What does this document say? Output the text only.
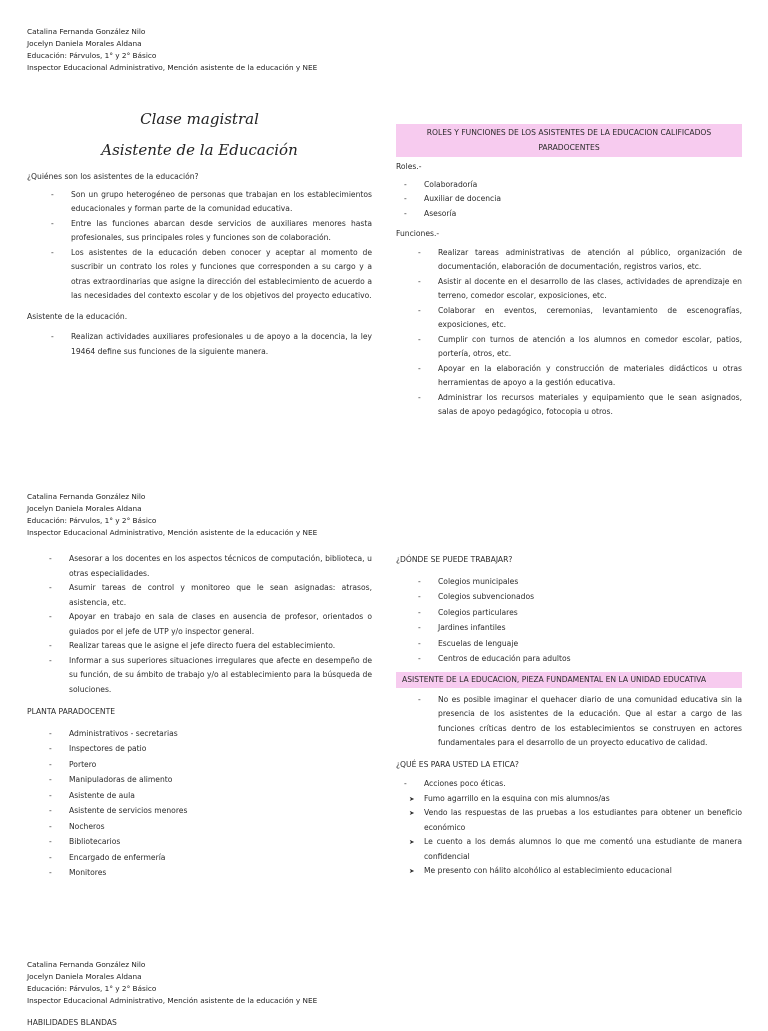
Catalina Fernanda González Nilo
Jocelyn Daniela Morales Aldana
Educación: Párvulos, 1° y 2° Básico
Inspector Educacional Administrativo, Mención asistente de la educación y NEE
Clase magistral
Asistente de la Educación

¿Quiénes son los asistentes de la educación?

- Son un grupo heterogéneo de personas que trabajan en los establecimientos educacionales y forman parte de la comunidad educativa.
- Entre las funciones abarcan desde servicios de auxiliares menores hasta profesionales, sus principales roles y funciones son de colaboración.
- Los asistentes de la educación deben conocer y aceptar al momento de suscribir un contrato los roles y funciones que corresponden a su cargo y a otras extraordinarias que asigne la dirección del establecimiento de acuerdo a las necesidades del contexto escolar y de los objetivos del proyecto educativo.

Asistente de la educación.

- Realizan actividades auxiliares profesionales u de apoyo a la docencia, la ley 19464 define sus funciones de la siguiente manera.
ROLES Y FUNCIONES DE LOS ASISTENTES DE LA EDUCACION CALIFICADOS PARADOCENTES

Roles.-

- Colaboradoría
- Auxiliar de docencia
- Asesoría

Funciones.-

- Realizar tareas administrativas de atención al público, organización de documentación, elaboración de documentación, registros varios, etc.
- Asistir al docente en el desarrollo de las clases, actividades de aprendizaje en terreno, comedor escolar, exposiciones, etc.
- Colaborar en eventos, ceremonias, levantamiento de escenografías, exposiciones, etc.
- Cumplir con turnos de atención a los alumnos en comedor escolar, patios, portería, otros, etc.
- Apoyar en la elaboración y construcción de materiales didácticos u otras herramientas de apoyo a la gestión educativa.
- Administrar los recursos materiales y equipamiento que le sean asignados, salas de apoyo pedagógico, fotocopia u otros.
Catalina Fernanda González Nilo
Jocelyn Daniela Morales Aldana
Educación: Párvulos, 1° y 2° Básico
Inspector Educacional Administrativo, Mención asistente de la educación y NEE
- Asesorar a los docentes en los aspectos técnicos de computación, biblioteca, u otras especialidades.
- Asumir tareas de control y monitoreo que le sean asignadas: atrasos, asistencia, etc.
- Apoyar en trabajo en sala de clases en ausencia de profesor, orientados o guiados por el jefe de UTP y/o inspector general.
- Realizar tareas que le asigne el jefe directo fuera del establecimiento.
- Informar a sus superiores situaciones irregulares que afecte en desempeño de su función, de su ámbito de trabajo y/o al establecimiento para la búsqueda de soluciones.

PLANTA PARADOCENTE

- Administrativos - secretarias
- Inspectores de patio
- Portero
- Manipuladoras de alimento
- Asistente de aula
- Asistente de servicios menores
- Nocheros
- Bibliotecarios
- Encargado de enfermería
- Monitores

¿DÓNDE SE PUEDE TRABAJAR?

- Colegios municipales
- Colegios subvencionados
- Colegios particulares
- Jardines infantiles
- Escuelas de lenguaje
- Centros de educación para adultos
ASISTENTE DE LA EDUCACION, PIEZA FUNDAMENTAL EN LA UNIDAD EDUCATIVA
- No es posible imaginar el quehacer diario de una comunidad educativa sin la presencia de los asistentes de la educación. Que al estar a cargo de las funciones críticas dentro de los establecimientos se construyen en actores fundamentales para el desarrollo de un proyecto educativo de calidad.

¿QUÉ ES PARA USTED LA ETICA?

- Acciones poco éticas.
➤ Fumo agarrillo en la esquina con mis alumnos/as
➤ Vendo las respuestas de las pruebas a los estudiantes para obtener un beneficio económico
➤ Le cuento a los demás alumnos lo que me comentó una estudiante de manera confidencial
➤ Me presento con hálito alcohólico al establecimiento educacional
Catalina Fernanda González Nilo
Jocelyn Daniela Morales Aldana
Educación: Párvulos, 1° y 2° Básico
Inspector Educacional Administrativo, Mención asistente de la educación y NEE

HABILIDADES BLANDAS
